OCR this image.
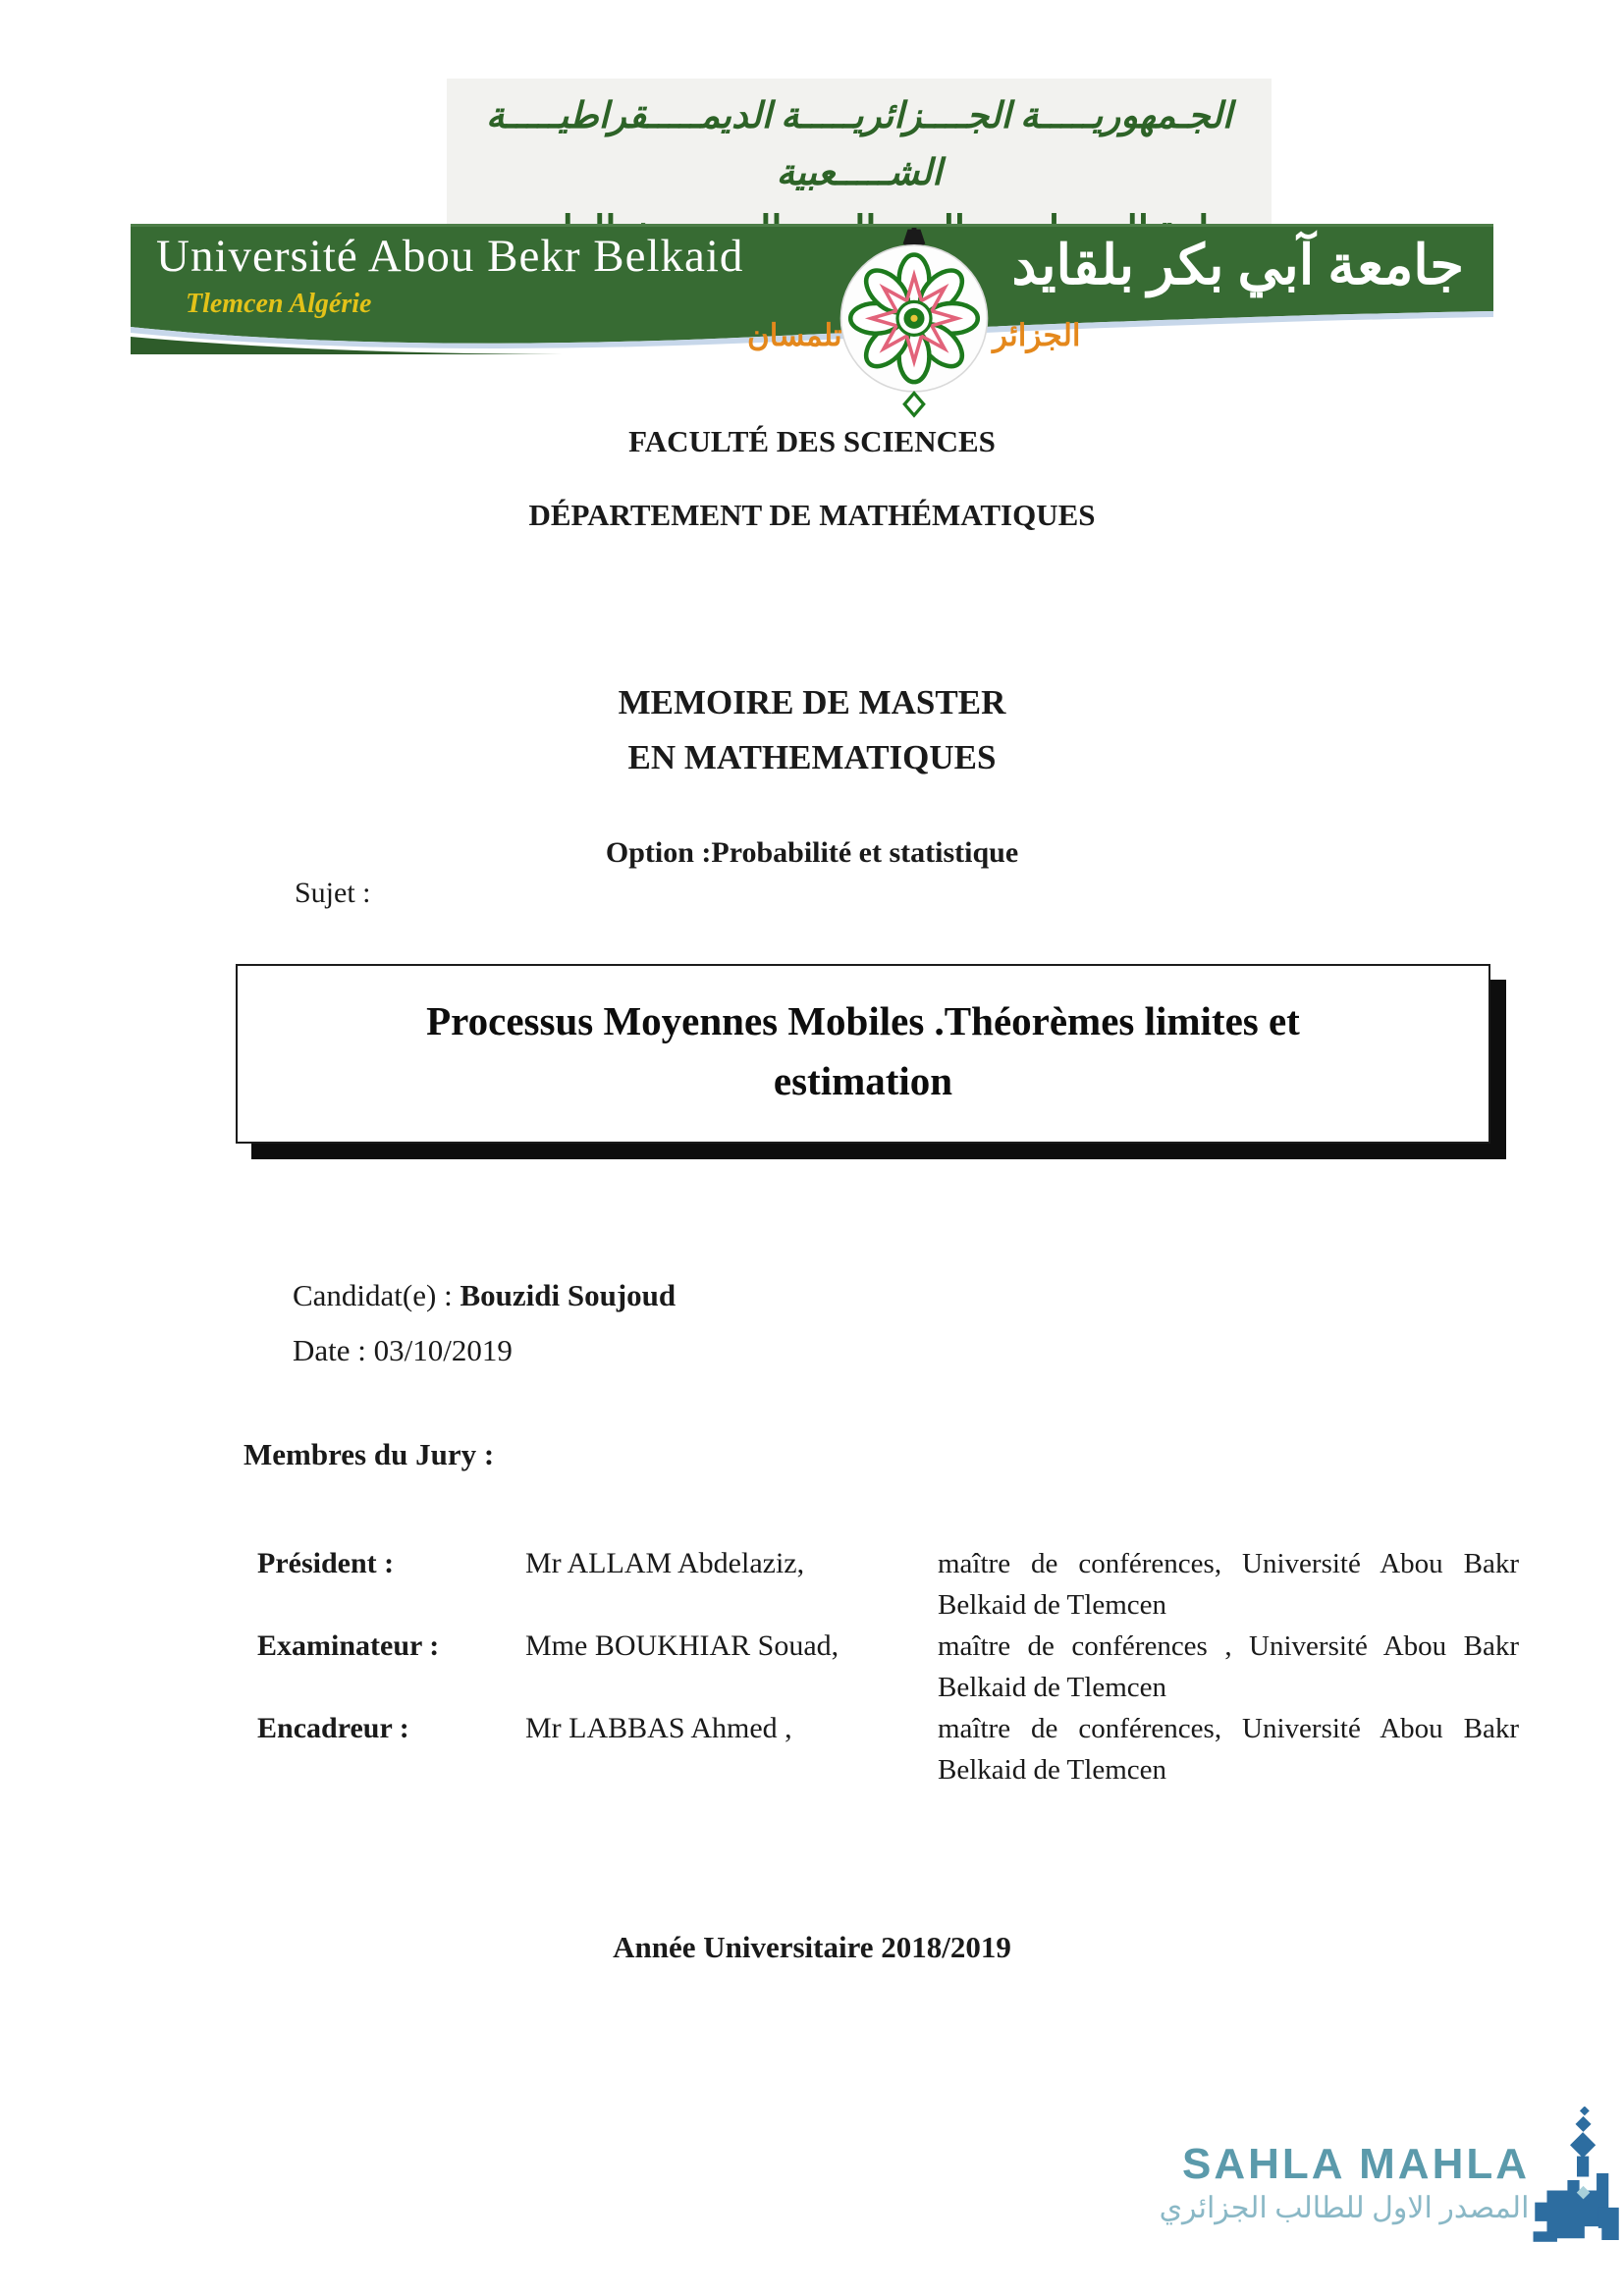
الجـمهوريـــــة الجــــزائريـــــة الديمـــــقراطيـــــة الشـــــعبية
Université Abou Bekr Belkaid
Tlemcen Algérie
جامعة آبي بكر بلقايد
تلمسان	الجزائر
FACULTÉ DES SCIENCES
DÉPARTEMENT DE MATHÉMATIQUES
MEMOIRE DE MASTER
EN MATHEMATIQUES
Option :Probabilité et statistique
Sujet :
Processus Moyennes Mobiles .Théorèmes limites et
estimation
Candidat(e) : Bouzidi Soujoud
Date : 03/10/2019
Membres du Jury :
Président :	Mr ALLAM Abdelaziz,	maître de conférences, Université Abou Bakr Belkaid de Tlemcen
Examinateur :	Mme BOUKHIAR Souad,	maître de conférences , Université Abou Bakr Belkaid de Tlemcen
Encadreur :	Mr LABBAS Ahmed ,	maître de conférences, Université Abou Bakr Belkaid de Tlemcen
Année Universitaire 2018/2019
SAHLA MAHLA
المصدر الاول للطالب الجزائري
